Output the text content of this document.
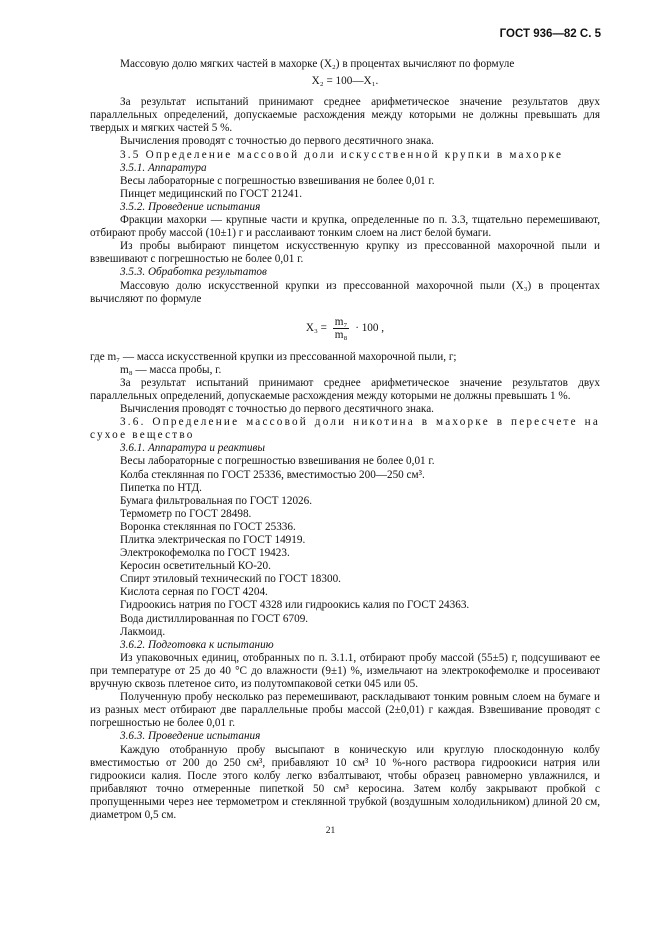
ГОСТ 936—82 С. 5

Массовую долю мягких частей в махорке (X₂) в процентах вычисляют по формуле

X₂ = 100—X₁.

За результат испытаний принимают среднее арифметическое значение результатов двух параллельных определений, допускаемые расхождения между которыми не должны превышать для твердых и мягких частей 5 %.

Вычисления проводят с точностью до первого десятичного знака.

3.5 Определение массовой доли искусственной крупки в махорке

3.5.1. Аппаратура

Весы лабораторные с погрешностью взвешивания не более 0,01 г.

Пинцет медицинский по ГОСТ 21241.

3.5.2. Проведение испытания

Фракции махорки — крупные части и крупка, определенные по п. 3.3, тщательно перемешивают, отбирают пробу массой (10±1) г и расслаивают тонким слоем на лист белой бумаги.

Из пробы выбирают пинцетом искусственную крупку из прессованной махорочной пыли и взвешивают с погрешностью не более 0,01 г.

3.5.3. Обработка результатов

Массовую долю искусственной крупки из прессованной махорочной пыли (X₃) в процентах вычисляют по формуле

$X_3 = \frac{\text{m₇}}{\text{m₈}} \cdot 100$ ,

где m₇ — масса искусственной крупки из прессованной махорочной пыли, г;

m₈ — масса пробы, г.

За результат испытаний принимают среднее арифметическое значение результатов двух параллельных определений, допускаемые расхождения между которыми не должны превышать 1 %.

Вычисления проводят с точностью до первого десятичного знака.

3.6. Определение массовой доли никотина в махорке в пересчете на сухое вещество

3.6.1. Аппаратура и реактивы

Весы лабораторные с погрешностью взвешивания не более 0,01 г.

Колба стеклянная по ГОСТ 25336, вместимостью 200—250 см³.

Пипетка по НТД.

Бумага фильтровальная по ГОСТ 12026.

Термометр по ГОСТ 28498.

Воронка стеклянная по ГОСТ 25336.

Плитка электрическая по ГОСТ 14919.

Электрокофемолка по ГОСТ 19423.

Керосин осветительный КО-20.

Спирт этиловый технический по ГОСТ 18300.

Кислота серная по ГОСТ 4204.

Гидроокись натрия по ГОСТ 4328 или гидроокись калия по ГОСТ 24363.

Вода дистиллированная по ГОСТ 6709.

Лакмоид.

3.6.2. Подготовка к испытанию

Из упаковочных единиц, отобранных по п. 3.1.1, отбирают пробу массой (55±5) г, подсушивают ее при температуре от 25 до 40 °С до влажности (9±1) %, измельчают на электрокофемолке и просеивают вручную сквозь плетеное сито, из полутомпаковой сетки 045 или 05.

Полученную пробу несколько раз перемешивают, раскладывают тонким ровным слоем на бумаге и из разных мест отбирают две параллельные пробы массой (2±0,01) г каждая. Взвешивание проводят с погрешностью не более 0,01 г.

3.6.3. Проведение испытания

Каждую отобранную пробу высыпают в коническую или круглую плоскодонную колбу вместимостью от 200 до 250 см³, прибавляют 10 см³ 10 %-ного раствора гидроокиси натрия или гидроокиси калия. После этого колбу легко взбалтывают, чтобы образец равномерно увлажнился, и прибавляют точно отмеренные пипеткой 50 см³ керосина. Затем колбу закрывают пробкой с пропущенными через нее термометром и стеклянной трубкой (воздушным холодильником) длиной 20 см, диаметром 0,5 см.

21
